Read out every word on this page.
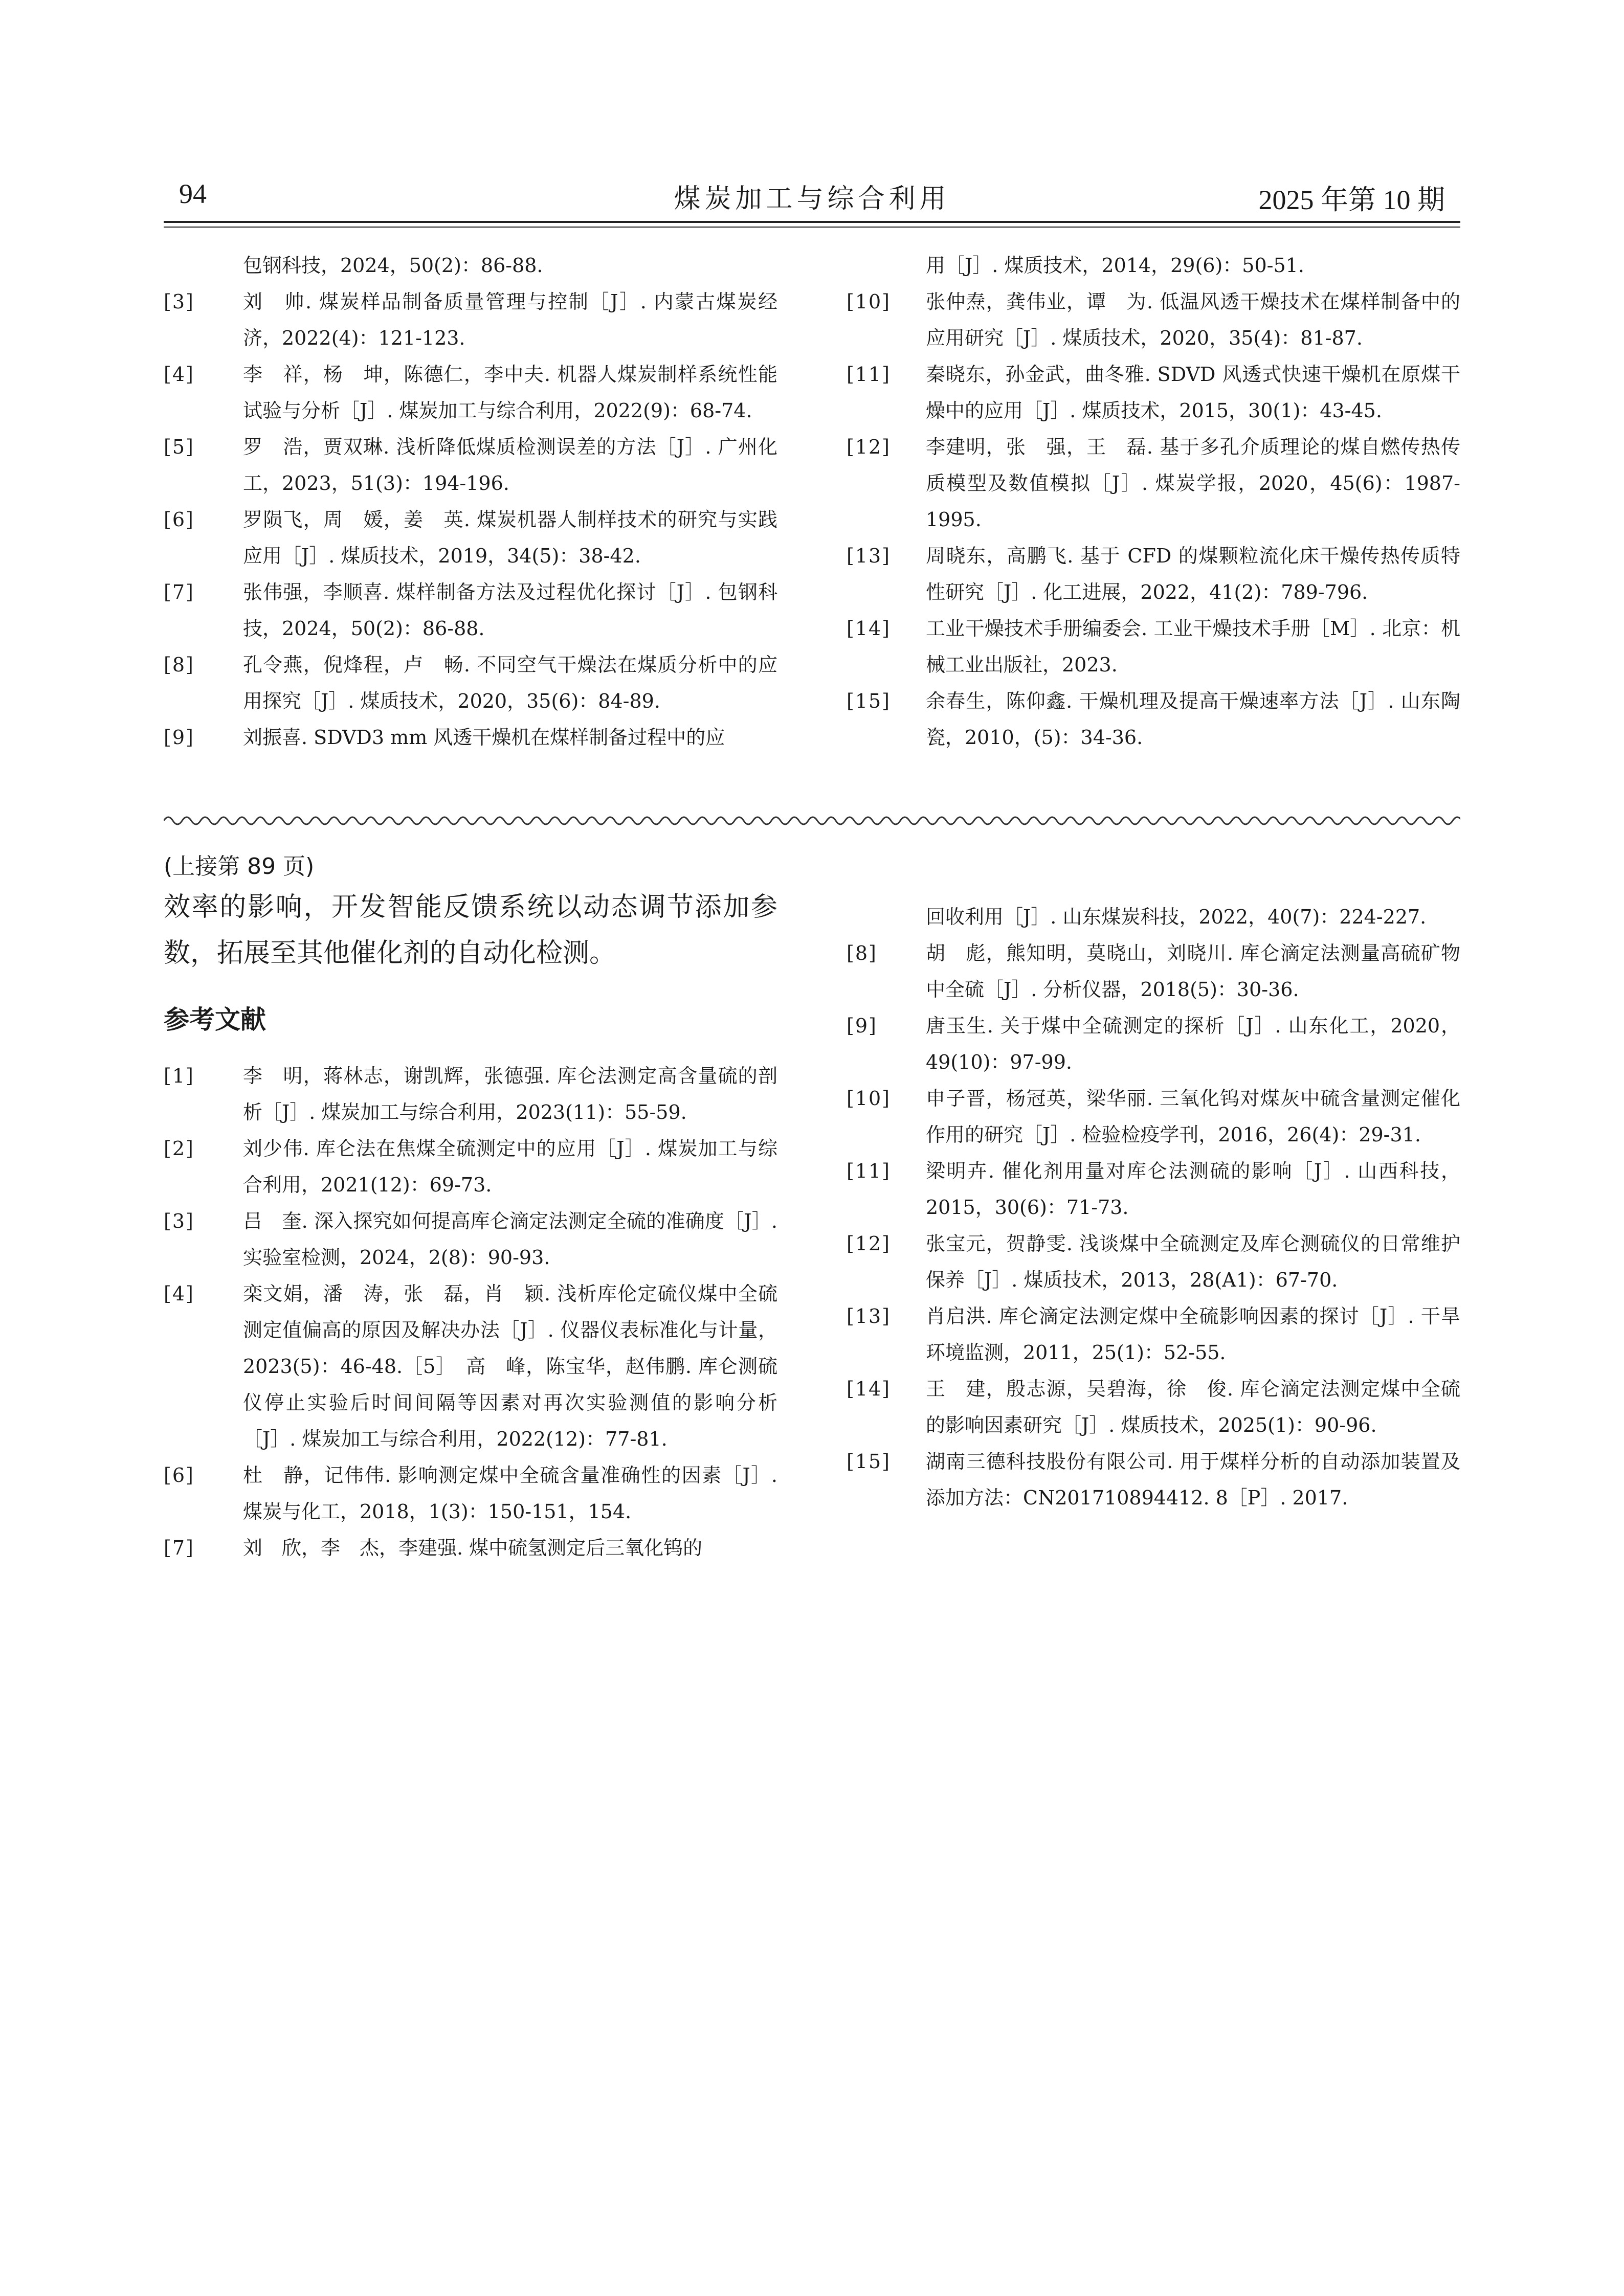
94	煤炭加工与综合利用	2025 年第 10 期
包钢科技，2024，50(2)：86-88.
[3]	刘　帅. 煤炭样品制备质量管理与控制［J］. 内蒙古煤炭经济，2022(4)：121-123.
[4]	李　祥，杨　坤，陈德仁，李中夫. 机器人煤炭制样系统性能试验与分析［J］. 煤炭加工与综合利用，2022(9)：68-74.
[5]	罗　浩，贾双琳. 浅析降低煤质检测误差的方法［J］. 广州化工，2023，51(3)：194-196.
[6]	罗陨飞，周　媛，姜　英. 煤炭机器人制样技术的研究与实践应用［J］. 煤质技术，2019，34(5)：38-42.
[7]	张伟强，李顺喜. 煤样制备方法及过程优化探讨［J］. 包钢科技，2024，50(2)：86-88.
[8]	孔令燕，倪烽程，卢　畅. 不同空气干燥法在煤质分析中的应用探究［J］. 煤质技术，2020，35(6)：84-89.
[9]	刘振喜. SDVD3 mm 风透干燥机在煤样制备过程中的应
用［J］. 煤质技术，2014，29(6)：50-51.
[10]	张仲焘，龚伟业，谭　为. 低温风透干燥技术在煤样制备中的应用研究［J］. 煤质技术，2020，35(4)：81-87.
[11]	秦晓东，孙金武，曲冬雅. SDVD 风透式快速干燥机在原煤干燥中的应用［J］. 煤质技术，2015，30(1)：43-45.
[12]	李建明，张　强，王　磊. 基于多孔介质理论的煤自燃传热传质模型及数值模拟［J］. 煤炭学报，2020，45(6)：1987-1995.
[13]	周晓东，高鹏飞. 基于 CFD 的煤颗粒流化床干燥传热传质特性研究［J］. 化工进展，2022，41(2)：789-796.
[14]	工业干燥技术手册编委会. 工业干燥技术手册［M］. 北京：机械工业出版社，2023.
[15]	余春生，陈仰鑫. 干燥机理及提高干燥速率方法［J］. 山东陶瓷，2010，(5)：34-36.
(上接第 89 页)
效率的影响，开发智能反馈系统以动态调节添加参数，拓展至其他催化剂的自动化检测。
参考文献
[1]	李　明，蒋林志，谢凯辉，张德强. 库仑法测定高含量硫的剖析［J］. 煤炭加工与综合利用，2023(11)：55-59.
[2]	刘少伟. 库仑法在焦煤全硫测定中的应用［J］. 煤炭加工与综合利用，2021(12)：69-73.
[3]	吕　奎. 深入探究如何提高库仑滴定法测定全硫的准确度［J］. 实验室检测，2024，2(8)：90-93.
[4]	栾文娟，潘　涛，张　磊，肖　颖. 浅析库伦定硫仪煤中全硫测定值偏高的原因及解决办法［J］. 仪器仪表标准化与计量，2023(5)：46-48.［5］　高　峰，陈宝华，赵伟鹏. 库仑测硫仪停止实验后时间间隔等因素对再次实验测值的影响分析［J］. 煤炭加工与综合利用，2022(12)：77-81.
[6]	杜　静，记伟伟. 影响测定煤中全硫含量准确性的因素［J］. 煤炭与化工，2018，1(3)：150-151，154.
[7]	刘　欣，李　杰，李建强. 煤中硫氢测定后三氧化钨的
回收利用［J］. 山东煤炭科技，2022，40(7)：224-227.
[8]	胡　彪，熊知明，莫晓山，刘晓川. 库仑滴定法测量高硫矿物中全硫［J］. 分析仪器，2018(5)：30-36.
[9]	唐玉生. 关于煤中全硫测定的探析［J］. 山东化工，2020，49(10)：97-99.
[10]	申子晋，杨冠英，梁华丽. 三氧化钨对煤灰中硫含量测定催化作用的研究［J］. 检验检疫学刊，2016，26(4)：29-31.
[11]	梁明卉. 催化剂用量对库仑法测硫的影响［J］. 山西科技，2015，30(6)：71-73.
[12]	张宝元，贺静雯. 浅谈煤中全硫测定及库仑测硫仪的日常维护保养［J］. 煤质技术，2013，28(A1)：67-70.
[13]	肖启洪. 库仑滴定法测定煤中全硫影响因素的探讨［J］. 干旱环境监测，2011，25(1)：52-55.
[14]	王　建，殷志源，吴碧海，徐　俊. 库仑滴定法测定煤中全硫的影响因素研究［J］. 煤质技术，2025(1)：90-96.
[15]	湖南三德科技股份有限公司. 用于煤样分析的自动添加装置及添加方法：CN201710894412. 8［P］. 2017.
